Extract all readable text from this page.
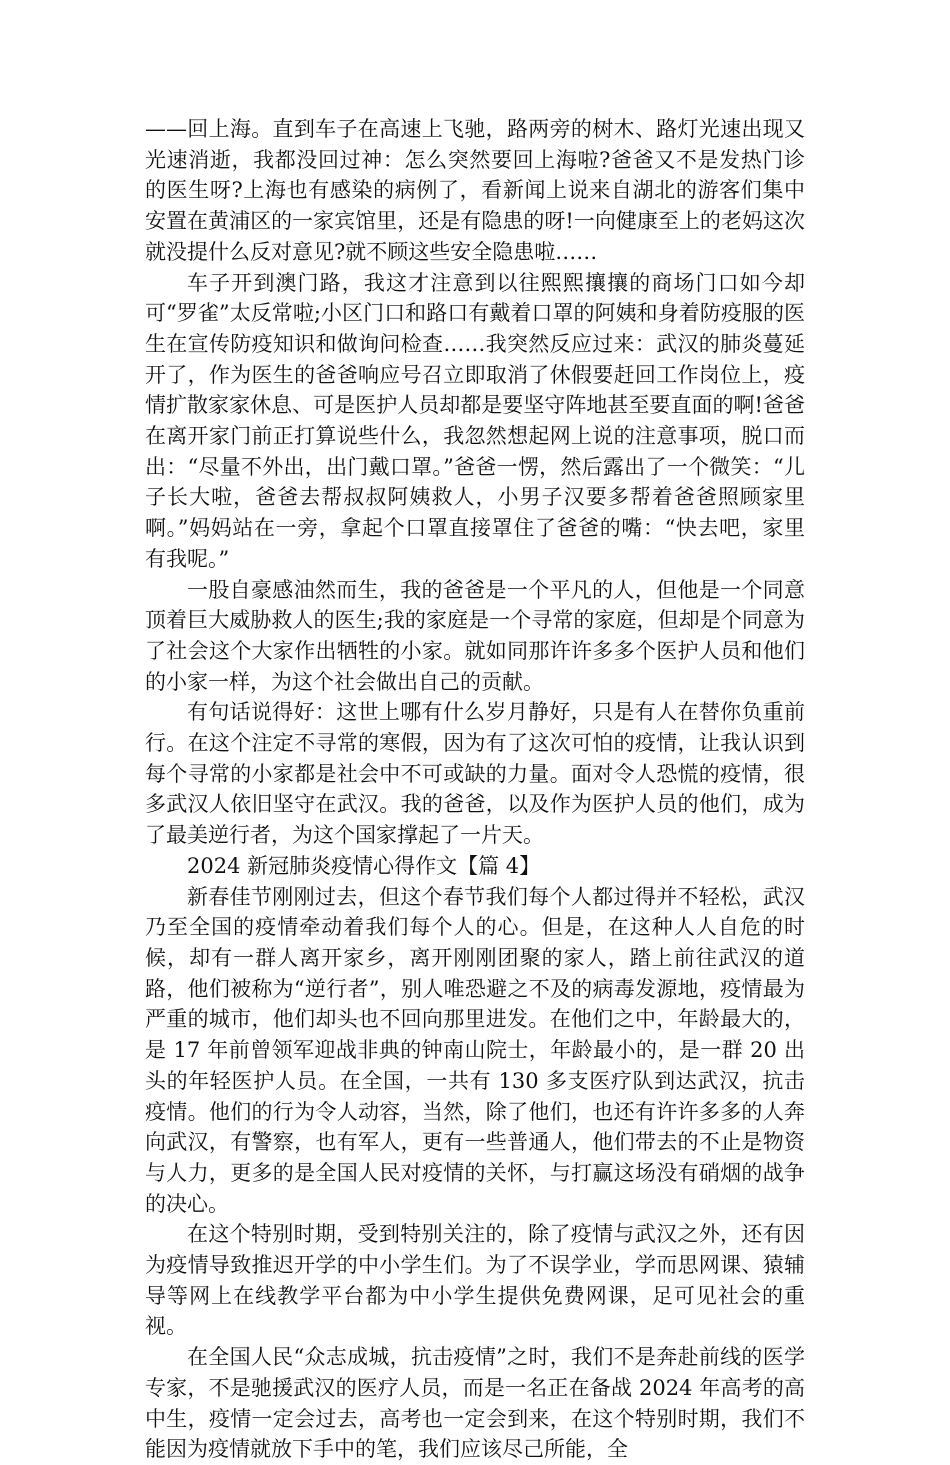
——回上海。直到车子在高速上飞驰，路两旁的树木、路灯光速出现又光速消逝，我都没回过神：怎么突然要回上海啦?爸爸又不是发热门诊的医生呀?上海也有感染的病例了，看新闻上说来自湖北的游客们集中安置在黄浦区的一家宾馆里，还是有隐患的呀!一向健康至上的老妈这次就没提什么反对意见?就不顾这些安全隐患啦……

车子开到澳门路，我这才注意到以往熙熙攘攘的商场门口如今却可“罗雀”太反常啦;小区门口和路口有戴着口罩的阿姨和身着防疫服的医生在宣传防疫知识和做询问检查……我突然反应过来：武汉的肺炎蔓延开了，作为医生的爸爸响应号召立即取消了休假要赶回工作岗位上，疫情扩散家家休息、可是医护人员却都是要坚守阵地甚至要直面的啊!爸爸在离开家门前正打算说些什么，我忽然想起网上说的注意事项，脱口而出：“尽量不外出，出门戴口罩。”爸爸一愣，然后露出了一个微笑：“儿子长大啦，爸爸去帮叔叔阿姨救人，小男子汉要多帮着爸爸照顾家里啊。”妈妈站在一旁，拿起个口罩直接罩住了爸爸的嘴：“快去吧，家里有我呢。”

一股自豪感油然而生，我的爸爸是一个平凡的人，但他是一个同意顶着巨大威胁救人的医生;我的家庭是一个寻常的家庭，但却是个同意为了社会这个大家作出牺牲的小家。就如同那许许多多个医护人员和他们的小家一样，为这个社会做出自己的贡献。

有句话说得好：这世上哪有什么岁月静好，只是有人在替你负重前行。在这个注定不寻常的寒假，因为有了这次可怕的疫情，让我认识到每个寻常的小家都是社会中不可或缺的力量。面对令人恐慌的疫情，很多武汉人依旧坚守在武汉。我的爸爸，以及作为医护人员的他们，成为了最美逆行者，为这个国家撑起了一片天。

2024 新冠肺炎疫情心得作文【篇 4】

新春佳节刚刚过去，但这个春节我们每个人都过得并不轻松，武汉乃至全国的疫情牵动着我们每个人的心。但是，在这种人人自危的时候，却有一群人离开家乡，离开刚刚团聚的家人，踏上前往武汉的道路，他们被称为“逆行者”，别人唯恐避之不及的病毒发源地，疫情最为严重的城市，他们却头也不回向那里进发。在他们之中，年龄最大的，是 17 年前曾领军迎战非典的钟南山院士，年龄最小的，是一群 20 出头的年轻医护人员。在全国，一共有 130 多支医疗队到达武汉，抗击疫情。他们的行为令人动容，当然，除了他们，也还有许许多多的人奔向武汉，有警察，也有军人，更有一些普通人，他们带去的不止是物资与人力，更多的是全国人民对疫情的关怀，与打赢这场没有硝烟的战争的决心。

在这个特别时期，受到特别关注的，除了疫情与武汉之外，还有因为疫情导致推迟开学的中小学生们。为了不误学业，学而思网课、猿辅导等网上在线教学平台都为中小学生提供免费网课，足可见社会的重视。

在全国人民“众志成城，抗击疫情”之时，我们不是奔赴前线的医学专家，不是驰援武汉的医疗人员，而是一名正在备战 2024 年高考的高中生，疫情一定会过去，高考也一定会到来，在这个特别时期，我们不能因为疫情就放下手中的笔，我们应该尽己所能，全
